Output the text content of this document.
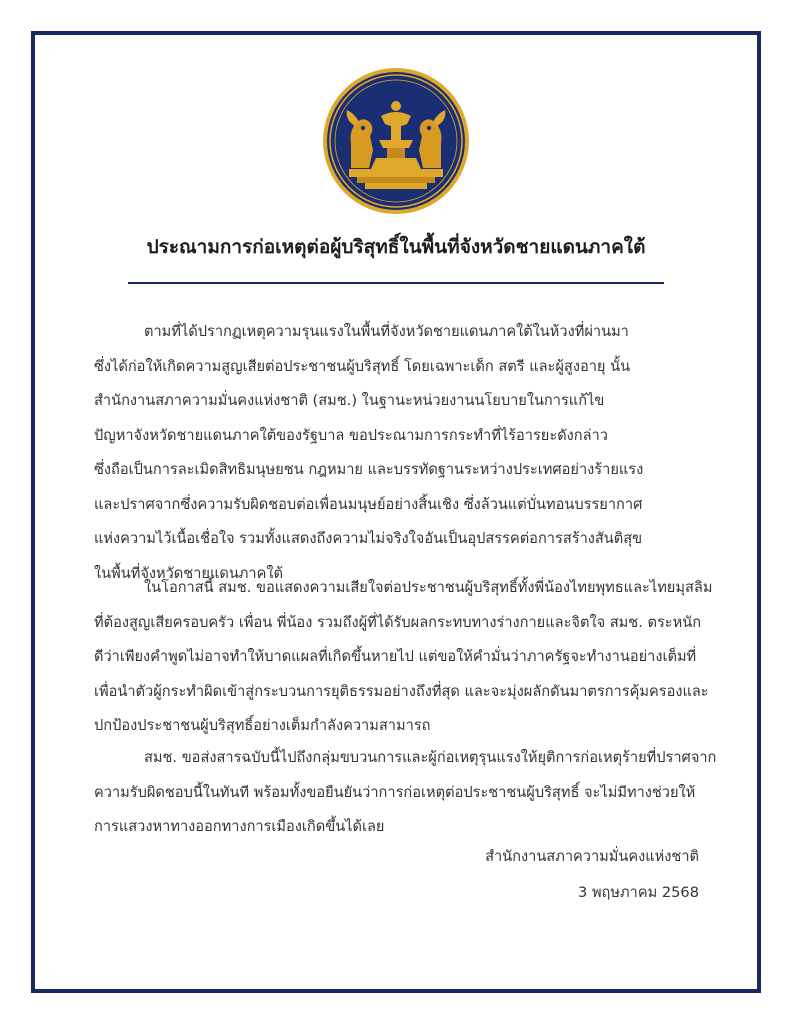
ประณามการก่อเหตุต่อผู้บริสุทธิ์ในพื้นที่จังหวัดชายแดนภาคใต้
ตามที่ได้ปรากฏเหตุความรุนแรงในพื้นที่จังหวัดชายแดนภาคใต้ในห้วงที่ผ่านมา
ซึ่งได้ก่อให้เกิดความสูญเสียต่อประชาชนผู้บริสุทธิ์ โดยเฉพาะเด็ก สตรี และผู้สูงอายุ นั้น
สำนักงานสภาความมั่นคงแห่งชาติ (สมช.) ในฐานะหน่วยงานนโยบายในการแก้ไข
ปัญหาจังหวัดชายแดนภาคใต้ของรัฐบาล ขอประณามการกระทำที่ไร้อารยะดังกล่าว
ซึ่งถือเป็นการละเมิดสิทธิมนุษยชน กฎหมาย และบรรทัดฐานระหว่างประเทศอย่างร้ายแรง
และปราศจากซึ่งความรับผิดชอบต่อเพื่อนมนุษย์อย่างสิ้นเชิง ซึ่งล้วนแต่บั่นทอนบรรยากาศ
แห่งความไว้เนื้อเชื่อใจ รวมทั้งแสดงถึงความไม่จริงใจอันเป็นอุปสรรคต่อการสร้างสันติสุข
ในพื้นที่จังหวัดชายแดนภาคใต้
ในโอกาสนี้ สมช. ขอแสดงความเสียใจต่อประชาชนผู้บริสุทธิ์ทั้งพี่น้องไทยพุทธและไทยมุสลิม
ที่ต้องสูญเสียครอบครัว เพื่อน พี่น้อง รวมถึงผู้ที่ได้รับผลกระทบทางร่างกายและจิตใจ สมช. ตระหนัก
ดีว่าเพียงคำพูดไม่อาจทำให้บาดแผลที่เกิดขึ้นหายไป แต่ขอให้คำมั่นว่าภาครัฐจะทำงานอย่างเต็มที่
เพื่อนำตัวผู้กระทำผิดเข้าสู่กระบวนการยุติธรรมอย่างถึงที่สุด และจะมุ่งผลักดันมาตรการคุ้มครองและ
ปกป้องประชาชนผู้บริสุทธิ์อย่างเต็มกำลังความสามารถ
สมช. ขอส่งสารฉบับนี้ไปถึงกลุ่มขบวนการและผู้ก่อเหตุรุนแรงให้ยุติการก่อเหตุร้ายที่ปราศจาก
ความรับผิดชอบนี้ในทันที พร้อมทั้งขอยืนยันว่าการก่อเหตุต่อประชาชนผู้บริสุทธิ์ จะไม่มีทางช่วยให้
การแสวงหาทางออกทางการเมืองเกิดขึ้นได้เลย
สำนักงานสภาความมั่นคงแห่งชาติ
3 พฤษภาคม 2568
